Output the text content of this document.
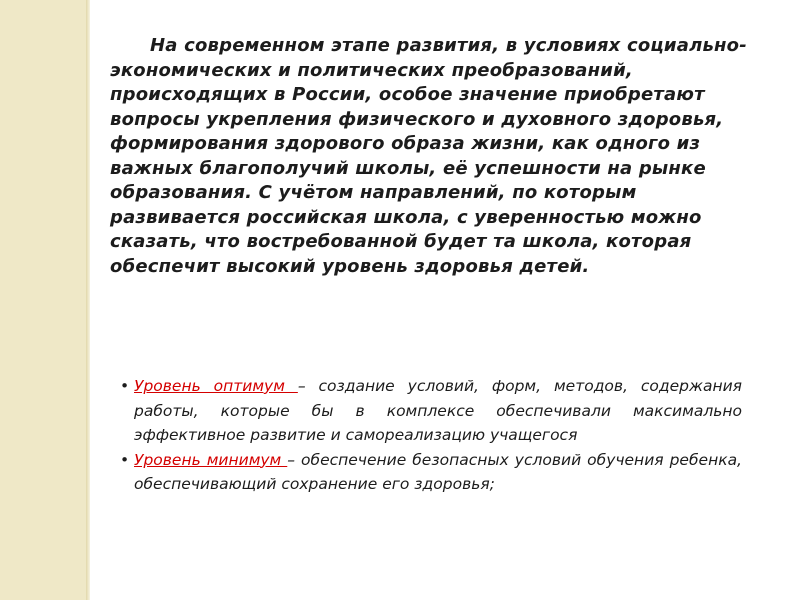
На современном этапе развития, в условиях социально-экономических и политических преобразований, происходящих в России, особое значение приобретают вопросы укрепления физического и духовного здоровья, формирования здорового образа жизни, как одного из важных благополучий школы, её успешности на рынке образования. С учётом направлений, по которым развивается российская школа, с уверенностью можно сказать, что востребованной будет та школа, которая обеспечит высокий уровень здоровья детей.

• Уровень оптимум – создание условий, форм, методов, содержания работы, которые бы в комплексе обеспечивали максимально эффективное развитие и самореализацию учащегося
• Уровень минимум – обеспечение безопасных условий обучения ребенка, обеспечивающий сохранение его здоровья;
